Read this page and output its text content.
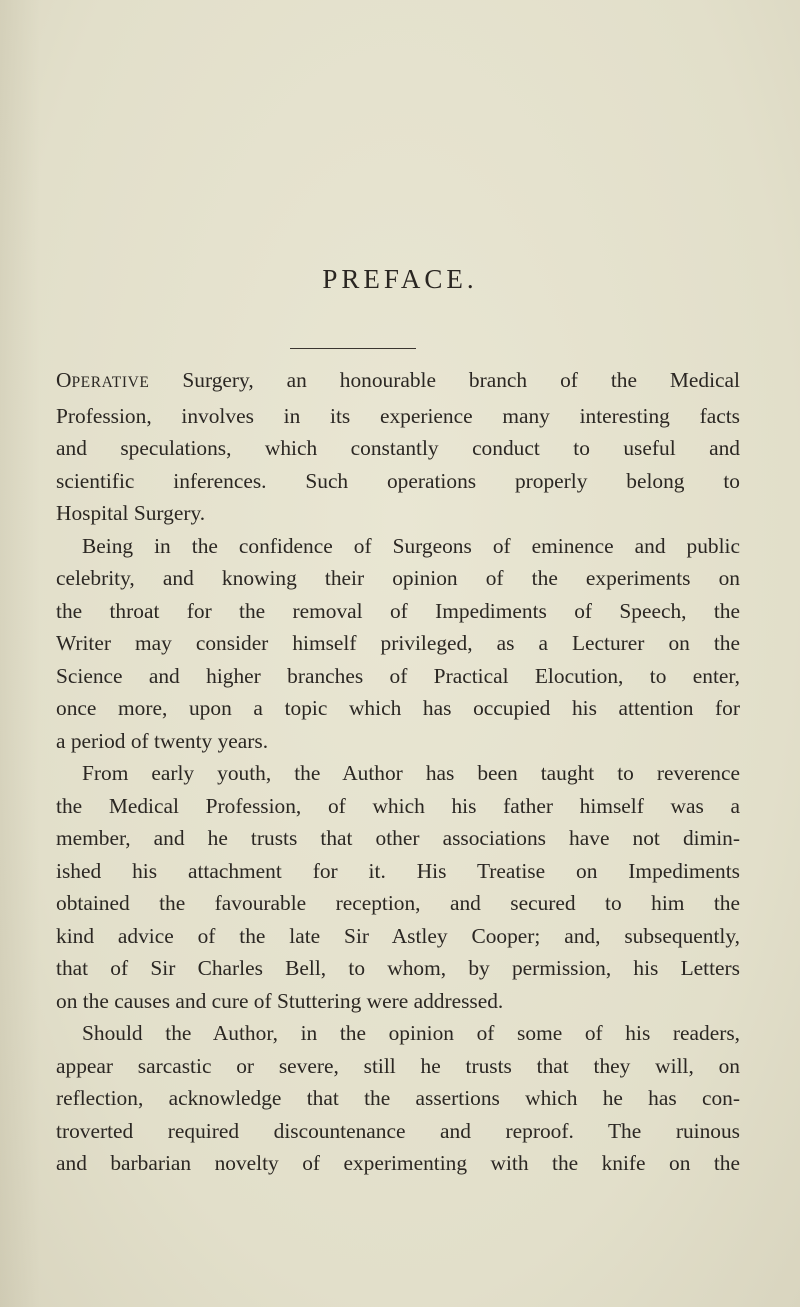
PREFACE.

OPERATIVE Surgery, an honourable branch of the Medical
Profession, involves in its experience many interesting facts
and speculations, which constantly conduct to useful and
scientific inferences. Such operations properly belong to
Hospital Surgery.

Being in the confidence of Surgeons of eminence and public
celebrity, and knowing their opinion of the experiments on
the throat for the removal of Impediments of Speech, the
Writer may consider himself privileged, as a Lecturer on the
Science and higher branches of Practical Elocution, to enter,
once more, upon a topic which has occupied his attention for
a period of twenty years.

From early youth, the Author has been taught to reverence
the Medical Profession, of which his father himself was a
member, and he trusts that other associations have not dimin-
ished his attachment for it. His Treatise on Impediments
obtained the favourable reception, and secured to him the
kind advice of the late Sir Astley Cooper; and, subsequently,
that of Sir Charles Bell, to whom, by permission, his Letters
on the causes and cure of Stuttering were addressed.

Should the Author, in the opinion of some of his readers,
appear sarcastic or severe, still he trusts that they will, on
reflection, acknowledge that the assertions which he has con-
troverted required discountenance and reproof. The ruinous
and barbarian novelty of experimenting with the knife on the
